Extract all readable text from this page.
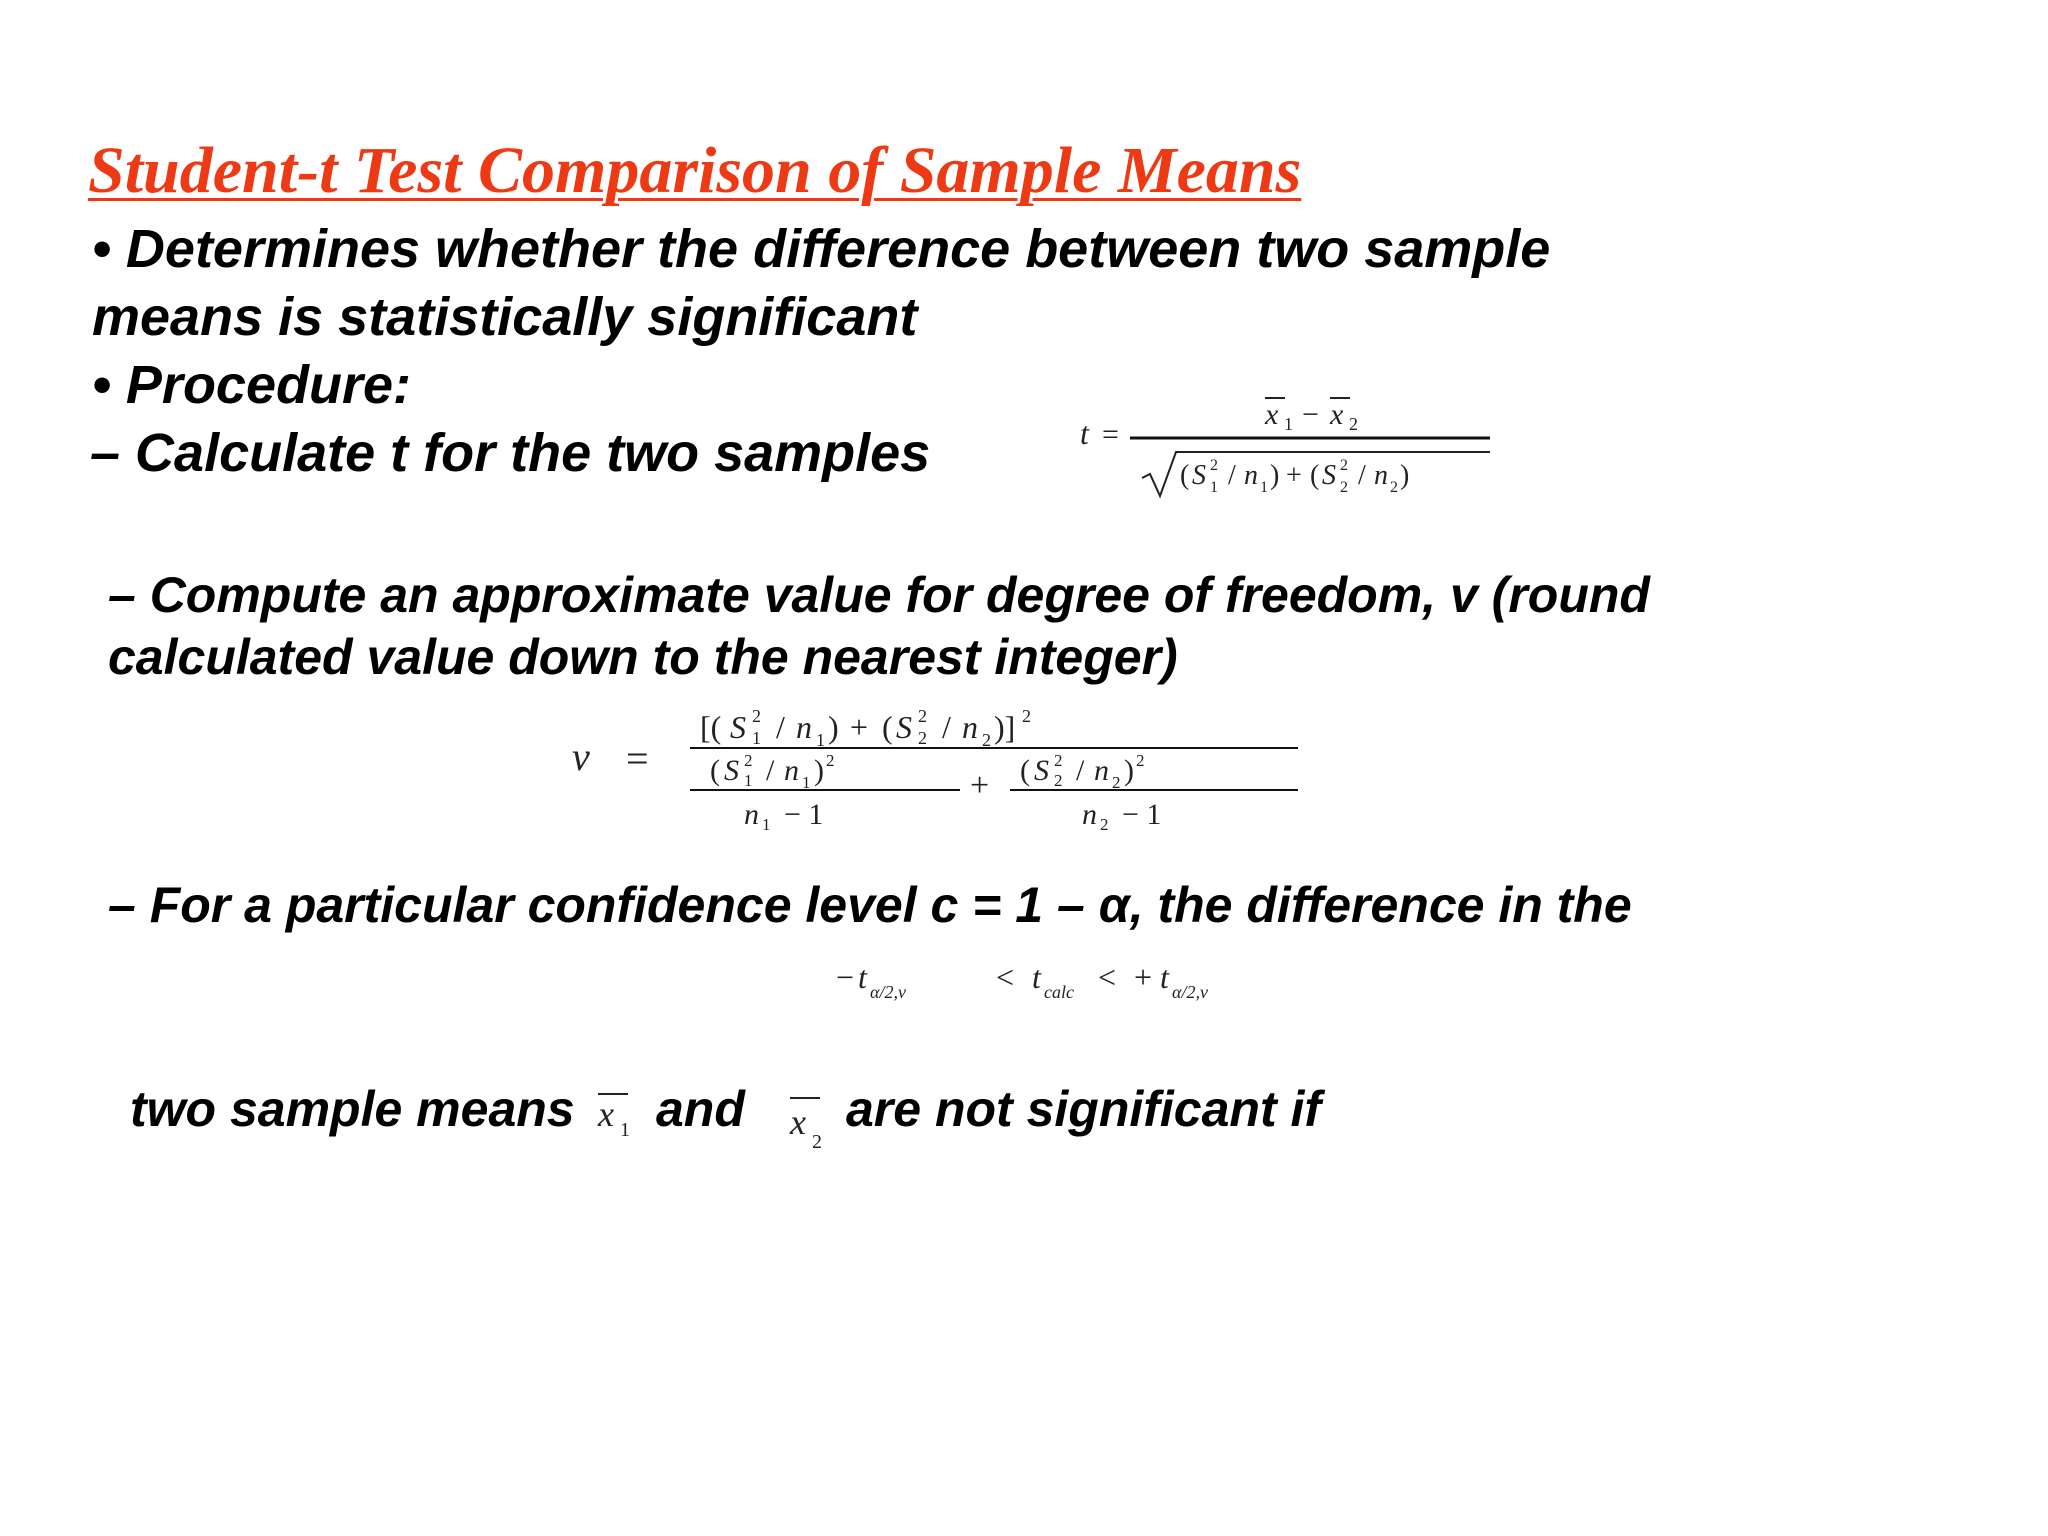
Student-t Test Comparison of Sample Means
• Determines whether the difference between two sample
means is statistically significant
• Procedure:
– Calculate t for the two samples	t =
x 1 − x 2
( S 2
1 / n 1 ) + ( S 2
2 / n 2 )
– Compute an approximate value for degree of freedom, v (round
calculated value down to the nearest integer)
ν =
[( S 2
1 / n 1 ) + ( S 2
2 / n 2 )] 2
( S 2
1 / n 1 ) 2
n 1 − 1
+ ( S 2
2 / n 2 ) 2
n 2 − 1
– For a particular confidence level c = 1 – α, the difference in the
− t α/2,ν	< t calc < + t α/2,ν
two sample means x 1 and x 2
are not significant if
